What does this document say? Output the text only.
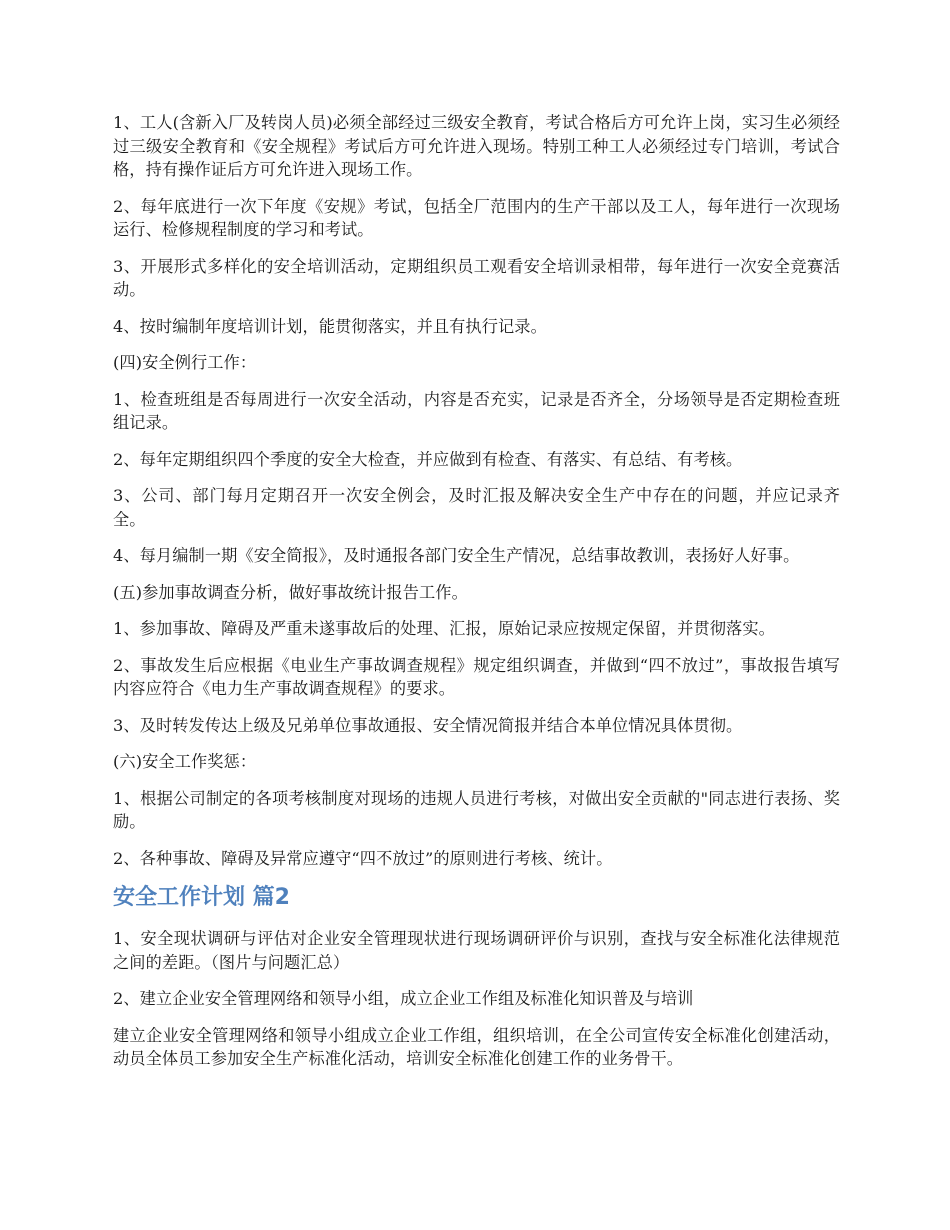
1、工人(含新入厂及转岗人员)必须全部经过三级安全教育，考试合格后方可允许上岗，实习生必须经过三级安全教育和《安全规程》考试后方可允许进入现场。特别工种工人必须经过专门培训，考试合格，持有操作证后方可允许进入现场工作。

2、每年底进行一次下年度《安规》考试，包括全厂范围内的生产干部以及工人，每年进行一次现场运行、检修规程制度的学习和考试。

3、开展形式多样化的安全培训活动，定期组织员工观看安全培训录相带，每年进行一次安全竞赛活动。

4、按时编制年度培训计划，能贯彻落实，并且有执行记录。

(四)安全例行工作：

1、检查班组是否每周进行一次安全活动，内容是否充实，记录是否齐全，分场领导是否定期检查班组记录。

2、每年定期组织四个季度的安全大检查，并应做到有检查、有落实、有总结、有考核。

3、公司、部门每月定期召开一次安全例会，及时汇报及解决安全生产中存在的问题，并应记录齐全。

4、每月编制一期《安全简报》，及时通报各部门安全生产情况，总结事故教训，表扬好人好事。

(五)参加事故调查分析，做好事故统计报告工作。

1、参加事故、障碍及严重未遂事故后的处理、汇报，原始记录应按规定保留，并贯彻落实。

2、事故发生后应根据《电业生产事故调查规程》规定组织调查，并做到“四不放过”，事故报告填写内容应符合《电力生产事故调查规程》的要求。

3、及时转发传达上级及兄弟单位事故通报、安全情况简报并结合本单位情况具体贯彻。

(六)安全工作奖惩：

1、根据公司制定的各项考核制度对现场的违规人员进行考核，对做出安全贡献的"同志进行表扬、奖励。

2、各种事故、障碍及异常应遵守“四不放过”的原则进行考核、统计。

安全工作计划 篇2

1、安全现状调研与评估对企业安全管理现状进行现场调研评价与识别，查找与安全标准化法律规范之间的差距。（图片与问题汇总）

2、建立企业安全管理网络和领导小组，成立企业工作组及标准化知识普及与培训

建立企业安全管理网络和领导小组成立企业工作组，组织培训，在全公司宣传安全标准化创建活动，动员全体员工参加安全生产标准化活动，培训安全标准化创建工作的业务骨干。
